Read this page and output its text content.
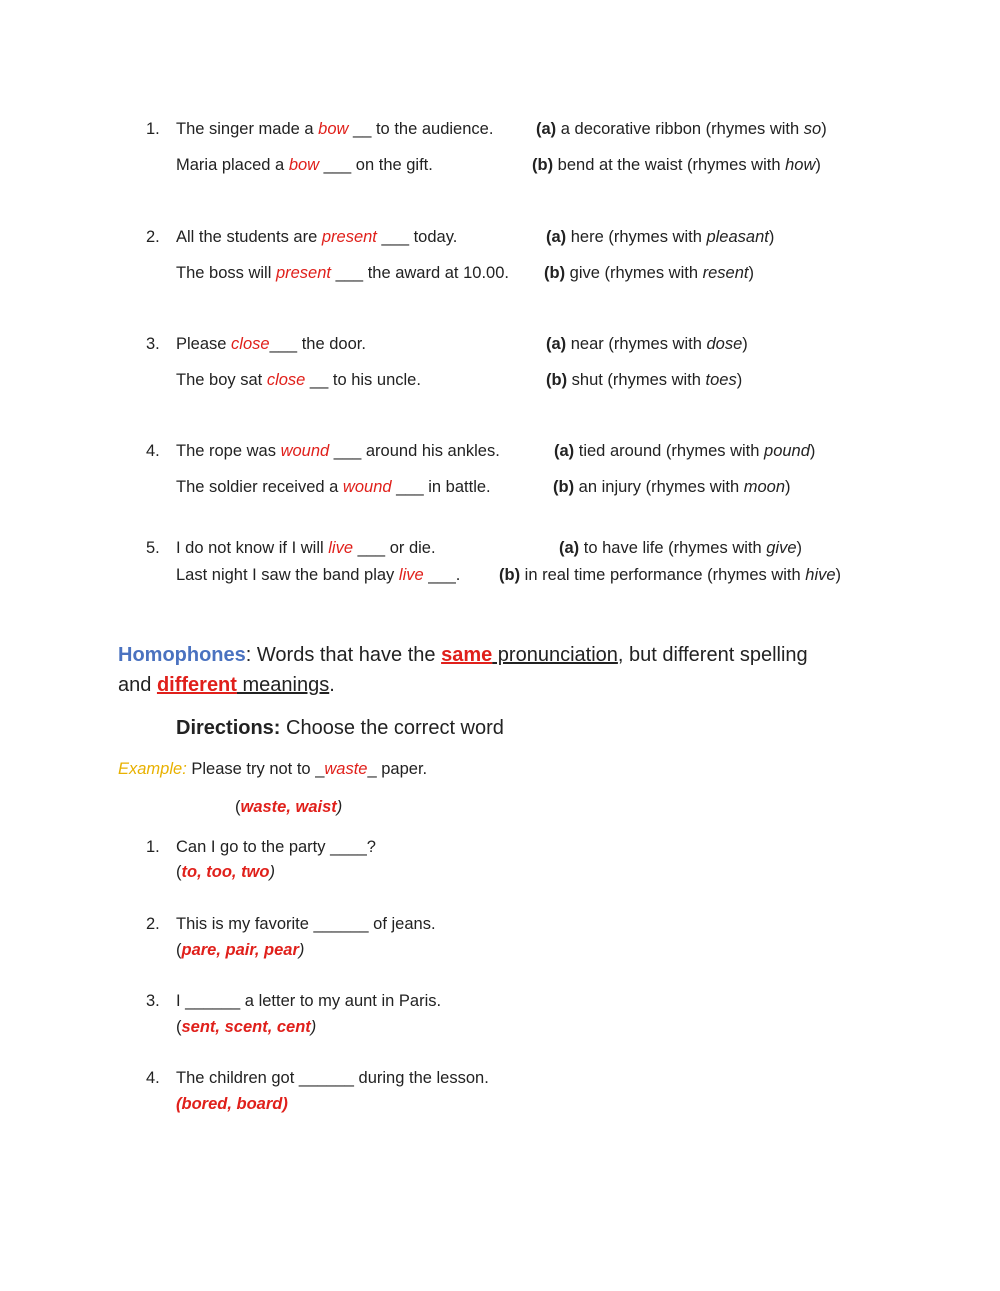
1. The singer made a bow __ to the audience.	(a) a decorative ribbon (rhymes with so)
Maria placed a bow ___ on the gift.	(b) bend at the waist (rhymes with how)
2. All the students are present ___ today.	(a) here (rhymes with pleasant)
The boss will present ___ the award at 10.00. (b) give (rhymes with resent)
3. Please close___ the door.	(a) near (rhymes with dose)
The boy sat close __ to his uncle.	(b) shut (rhymes with toes)
4. The rope was wound ___ around his ankles.	(a) tied around (rhymes with pound)
The soldier received a wound ___ in battle.	(b) an injury (rhymes with moon)
5. I do not know if I will live ___ or die.	(a) to have life (rhymes with give)
Last night I saw the band play live ___. (b) in real time performance (rhymes with hive)
Homophones: Words that have the same pronunciation, but different spelling
and different meanings.
Directions: Choose the correct word
Example: Please try not to _waste_ paper.
(waste, waist)
1. Can I go to the party ____?
(to, too, two)
2. This is my favorite ______ of jeans.
(pare, pair, pear)
3. I ______ a letter to my aunt in Paris.
(sent, scent, cent)
4. The children got ______ during the lesson.
(bored, board)
